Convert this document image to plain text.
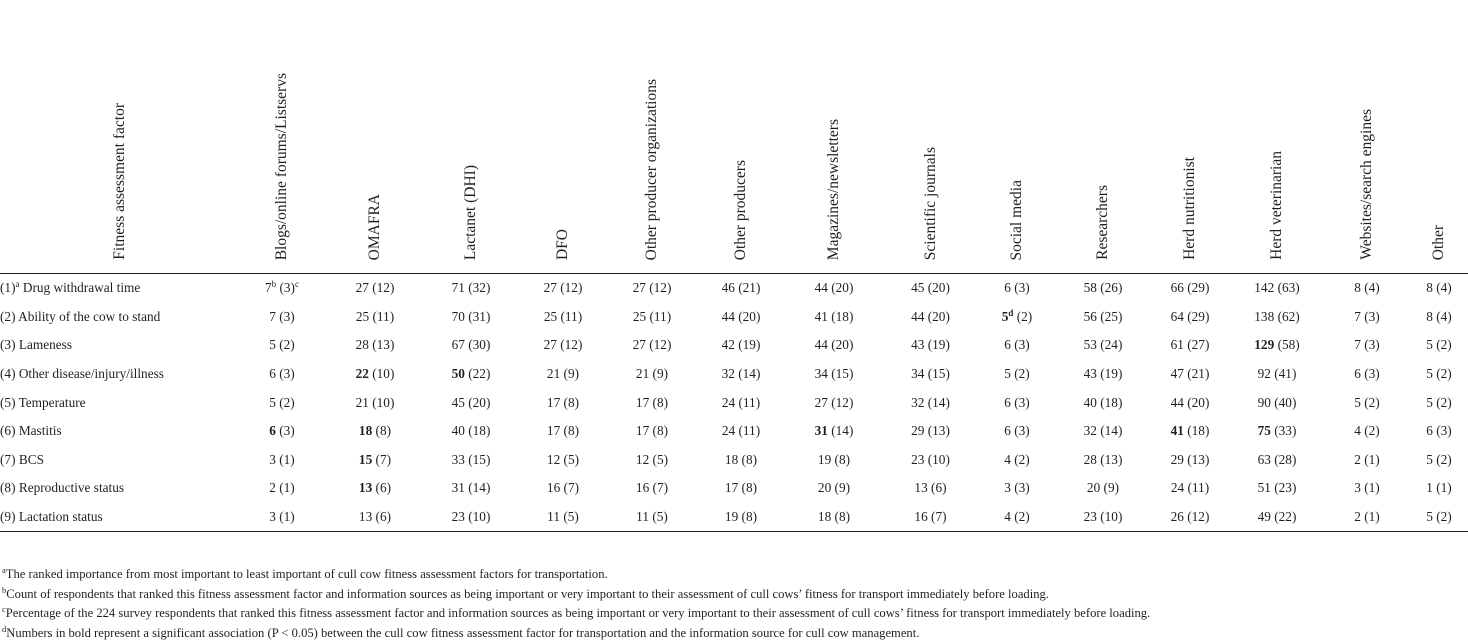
Fitness assessment factor	Blogs/online forums/Listservs	OMAFRA	Lactanet (DHI)	DFO	Other producer organizations	Other producers	Magazines/newsletters	Scientific journals	Social media	Researchers	Herd nutritionist	Herd veterinarian	Websites/search engines	Other

$(1)^a$ Drug withdrawal time	7$^b$ $(3)^c$	27 (12)	71 (32)	27 (12)	27 (12)	46 (21)	44 (20)	45 (20)	6 (3)	58 (26)	66 (29)	142 (63)	8 (4)	8 (4)
(2) Ability of the cow to stand	7 (3)	25 (11)	70 (31)	25 (11)	25 (11)	44 (20)	41 (18)	44 (20)	5$^d$ (2)	56 (25)	64 (29)	138 (62)	7 (3)	8 (4)
(3) Lameness	5 (2)	28 (13)	67 (30)	27 (12)	27 (12)	42 (19)	44 (20)	43 (19)	6 (3)	53 (24)	61 (27)	129 (58)	7 (3)	5 (2)
(4) Other disease/injury/illness	6 (3)	22 (10)	50 (22)	21 (9)	21 (9)	32 (14)	34 (15)	34 (15)	5 (2)	43 (19)	47 (21)	92 (41)	6 (3)	5 (2)
(5) Temperature	5 (2)	21 (10)	45 (20)	17 (8)	17 (8)	24 (11)	27 (12)	32 (14)	6 (3)	40 (18)	44 (20)	90 (40)	5 (2)	5 (2)
(6) Mastitis	6 (3)	18 (8)	40 (18)	17 (8)	17 (8)	24 (11)	31 (14)	29 (13)	6 (3)	32 (14)	41 (18)	75 (33)	4 (2)	6 (3)
(7) BCS	3 (1)	15 (7)	33 (15)	12 (5)	12 (5)	18 (8)	19 (8)	23 (10)	4 (2)	28 (13)	29 (13)	63 (28)	2 (1)	5 (2)
(8) Reproductive status	2 (1)	13 (6)	31 (14)	16 (7)	16 (7)	17 (8)	20 (9)	13 (6)	3 (3)	20 (9)	24 (11)	51 (23)	3 (1)	1 (1)
(9) Lactation status	3 (1)	13 (6)	23 (10)	11 (5)	11 (5)	19 (8)	18 (8)	16 (7)	4 (2)	23 (10)	26 (12)	49 (22)	2 (1)	5 (2)
$^a$The ranked importance from most important to least important of cull cow fitness assessment factors for transportation.
$^b$Count of respondents that ranked this fitness assessment factor and information sources as being important or very important to their assessment of cull cows’ fitness for transport immediately before loading.
$^c$Percentage of the 224 survey respondents that ranked this fitness assessment factor and information sources as being important or very important to their assessment of cull cows’ fitness for transport immediately before loading.
$^d$Numbers in bold represent a significant association (P < 0.05) between the cull cow fitness assessment factor for transportation and the information source for cull cow management.
